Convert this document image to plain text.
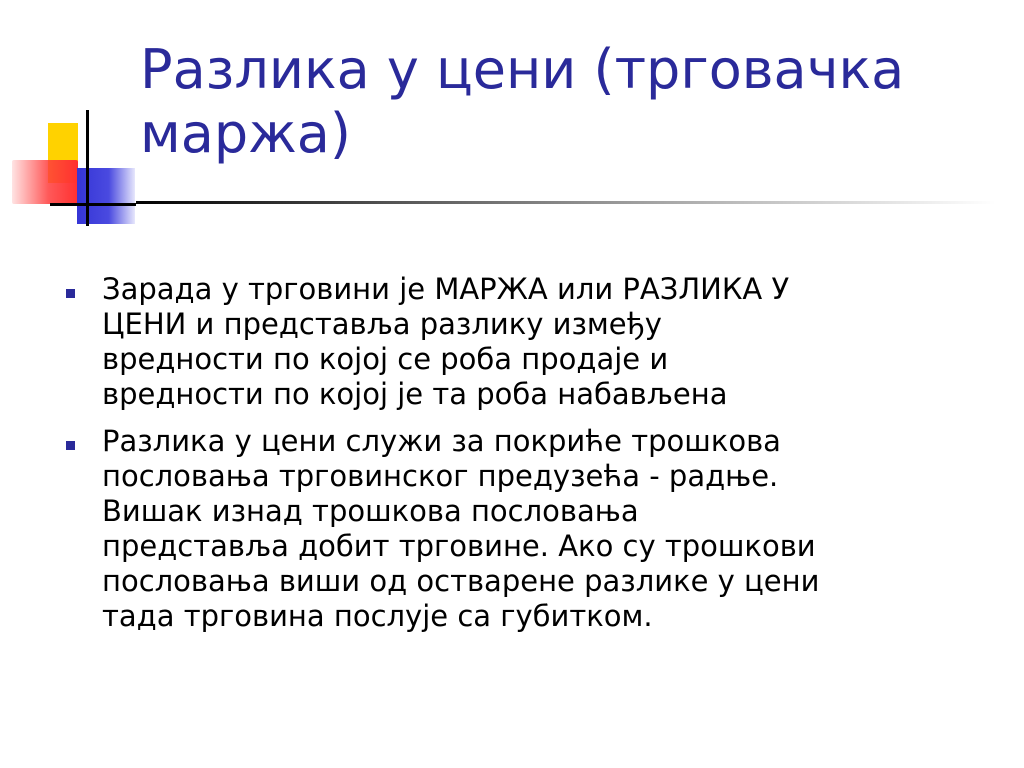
Разлика у цени (трговачка
маржа)
Зарада у трговини је МАРЖА или РАЗЛИКА У
ЦЕНИ и представља разлику између
вредности по којој се роба продаје и
вредности по којој је та роба набављена
Разлика у цени служи за покриће трошкова
пословања трговинског предузећа - радње.
Вишак изнад трошкова пословања
представља добит трговине. Ако су трошкови
пословања виши од остварене разлике у цени
тада трговина послује са губитком.
